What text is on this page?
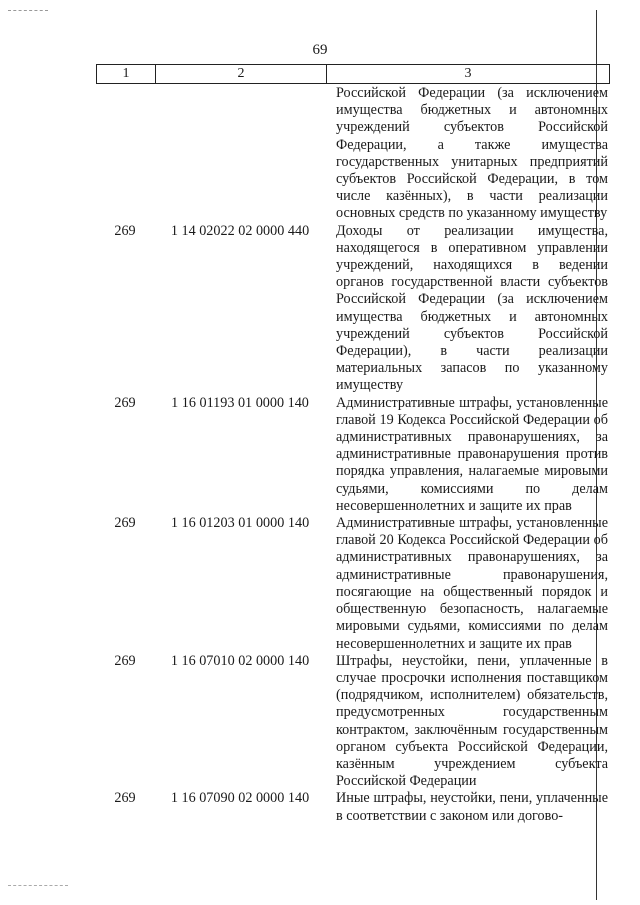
69
1	2	3
Российской Федерации (за исключением имущества бюджетных и автономных учреждений субъектов Российской Федерации, а также имущества государственных унитарных предприятий субъектов Российской Федерации, в том числе казённых), в части реализации основных средств по указанному имуществу
269	1 14 02022 02 0000 440	Доходы от реализации имущества, находящегося в оперативном управлении учреждений, находящихся в ведении органов государственной власти субъектов Российской Федерации (за исключением имущества бюджетных и автономных учреждений субъектов Российской Федерации), в части реализации материальных запасов по указанному имуществу
269	1 16 01193 01 0000 140	Административные штрафы, установленные главой 19 Кодекса Российской Федерации об административных правонарушениях, за административные правонарушения против порядка управления, налагаемые мировыми судьями, комиссиями по делам несовершеннолетних и защите их прав
269	1 16 01203 01 0000 140	Административные штрафы, установленные главой 20 Кодекса Российской Федерации об административных правонарушениях, за административные правонарушения, посягающие на общественный порядок и общественную безопасность, налагаемые мировыми судьями, комиссиями по делам несовершеннолетних и защите их прав
269	1 16 07010 02 0000 140	Штрафы, неустойки, пени, уплаченные в случае просрочки исполнения поставщиком (подрядчиком, исполнителем) обязательств, предусмотренных государственным контрактом, заключённым государственным органом субъекта Российской Федерации, казённым учреждением субъекта Российской Федерации
269	1 16 07090 02 0000 140	Иные штрафы, неустойки, пени, уплаченные в соответствии с законом или догово-
